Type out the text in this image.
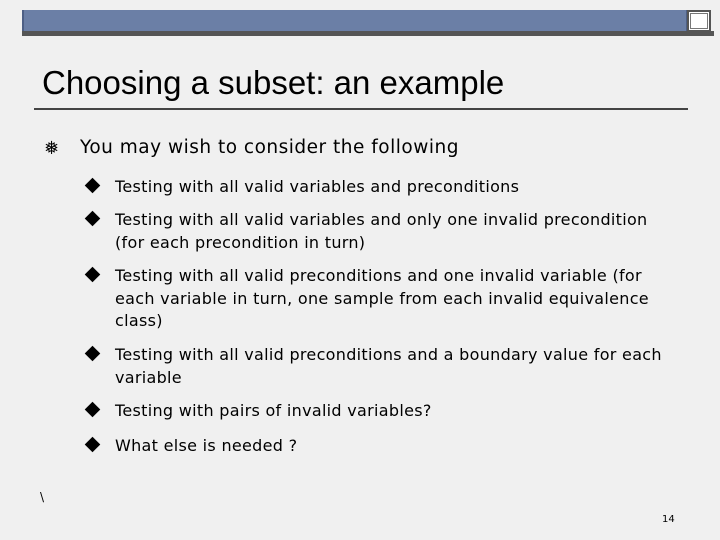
Choosing a subset: an example
❅ You may wish to consider the following
Testing with all valid variables and preconditions
Testing with all valid variables and only one invalid precondition (for each precondition in turn)
Testing with all valid preconditions and one invalid variable (for each variable in turn, one sample from each invalid equivalence class)
Testing with all valid preconditions and a boundary value for each variable
Testing with pairs of invalid variables?
What else is needed ?
\
14
